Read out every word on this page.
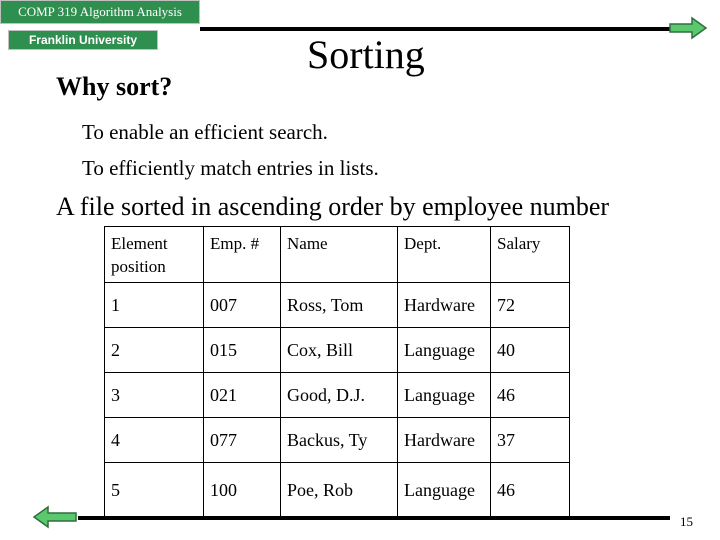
COMP 319 Algorithm Analysis
Franklin University	Sorting
Why sort?
To enable an efficient search.
To efficiently match entries in lists.
A file sorted in ascending order by employee number
Element position	Emp. #	Name	Dept.	Salary
1	007	Ross, Tom	Hardware	72
2	015	Cox, Bill	Language	40
3	021	Good, D.J.	Language	46
4	077	Backus, Ty	Hardware	37
5	100	Poe, Rob	Language	46
15
